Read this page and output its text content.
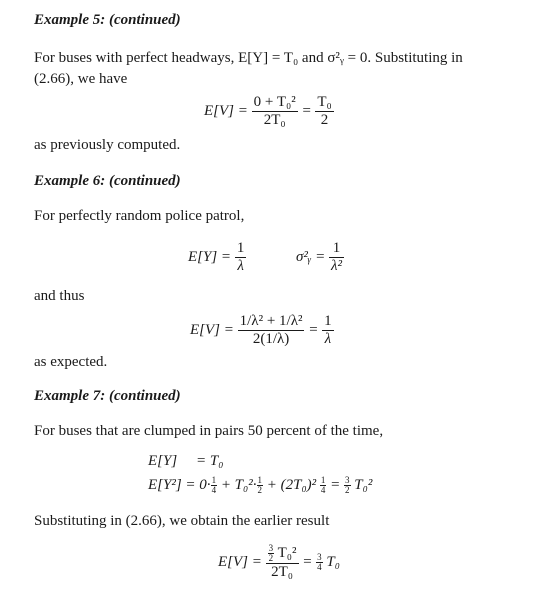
Example 5: (continued)
For buses with perfect headways, E[Y] = T₀ and σ²ᵧ = 0. Substituting in
(2.66), we have
$E[V] = \frac{\text{0 + T₀²}}{\text{2T₀}} = \frac{\text{T₀}}{2}$
as previously computed.
Example 6: (continued)
For perfectly random police patrol,
$E[Y] = \frac{1}{\lambda}$	σ²ᵧ = $\frac{1}{\text{λ²}}$
and thus
$E[V] = \frac{\text{1/λ² + 1/λ²}}{2(1/\lambda)} = \frac{1}{\lambda}$
as expected.
Example 7: (continued)
For buses that are clumped in pairs 50 percent of the time,
E[Y] = T₀
$E[Y^2] = 0\cdot \frac{1}{4} + T_0^2\cdot \frac{1}{2} + (2T_0)^2 \frac{1}{4} = \frac{3}{2} T_0^2$
Substituting in (2.66), we obtain the earlier result
$E[V] = \frac{\frac{3}{2} T_0^2}{\text{2T₀}} = \frac{3}{4} T_0$
